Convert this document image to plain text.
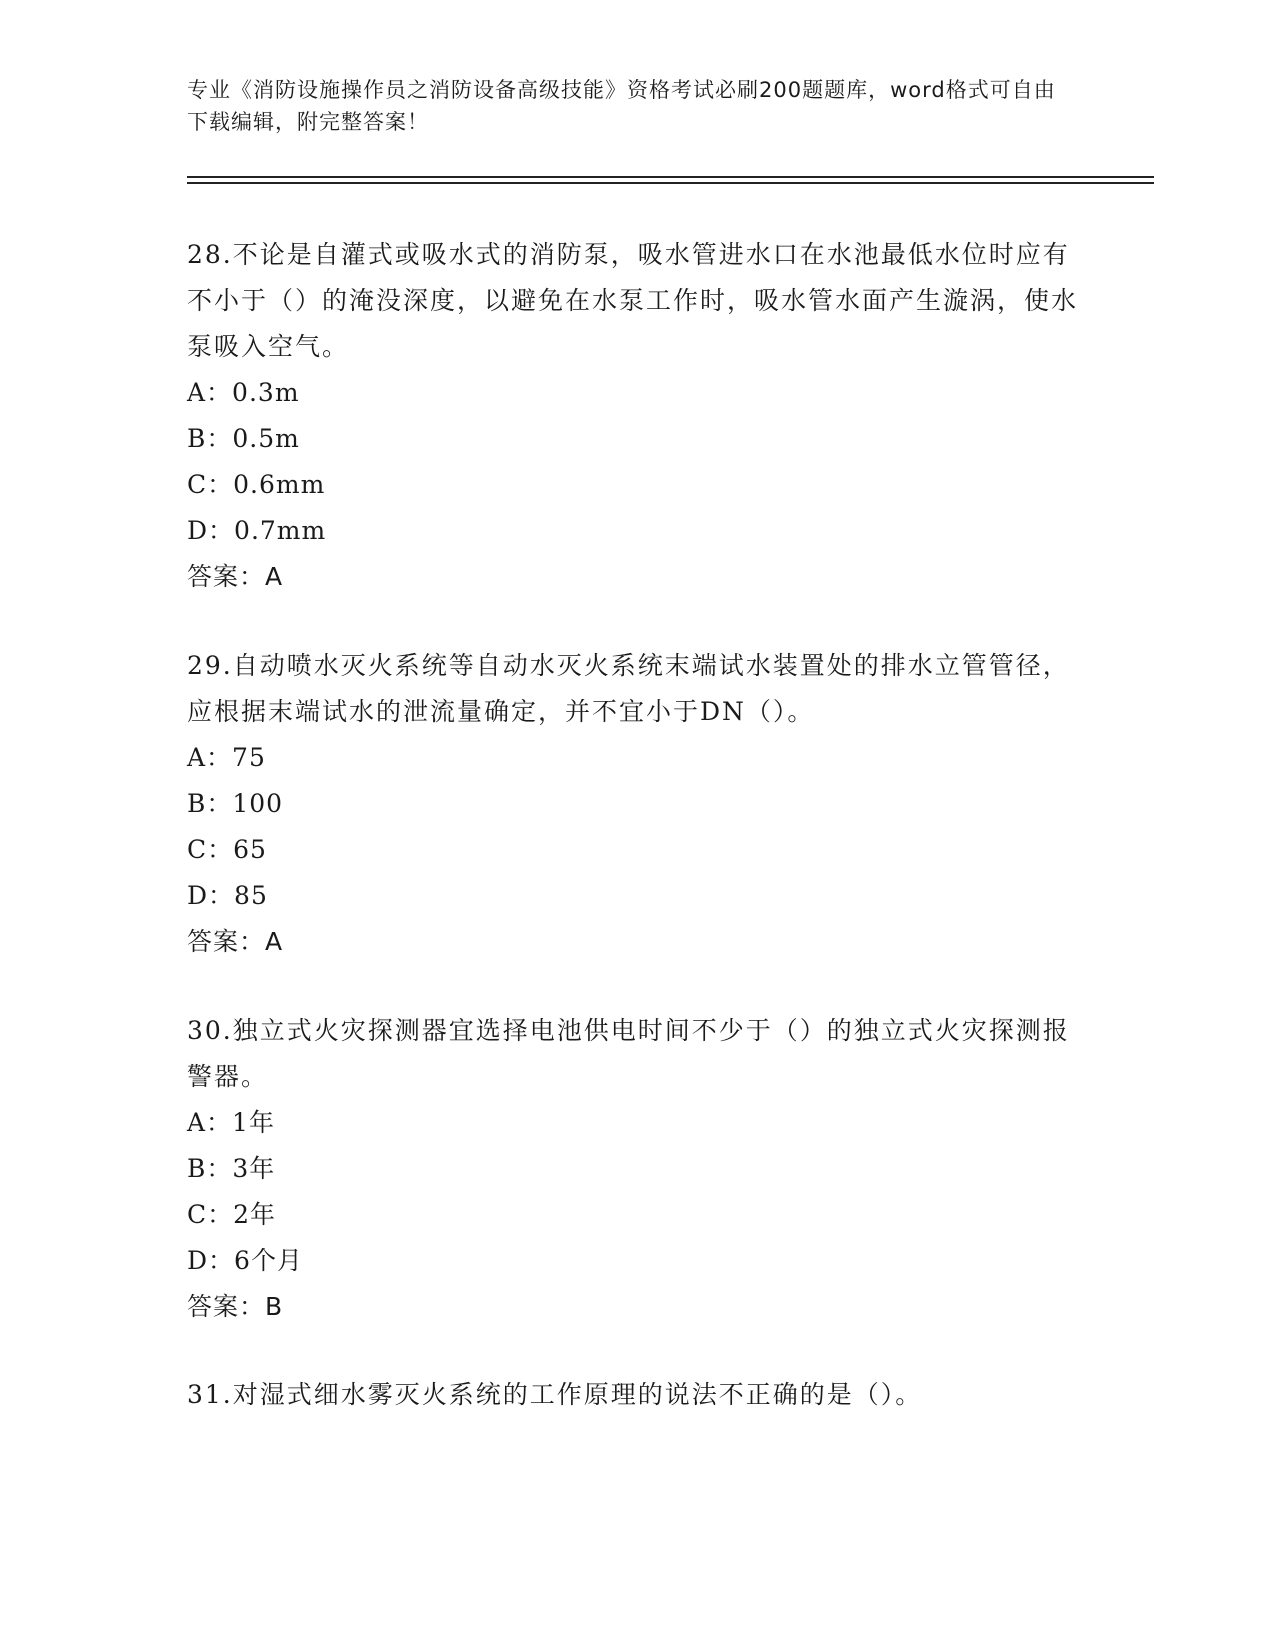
专业《消防设施操作员之消防设备高级技能》资格考试必刷200题题库，word格式可自由下载编辑，附完整答案！

28.不论是自灌式或吸水式的消防泵，吸水管进水口在水池最低水位时应有不小于（）的淹没深度，以避免在水泵工作时，吸水管水面产生漩涡，使水泵吸入空气。

A：0.3m

B：0.5m

C：0.6mm

D：0.7mm

答案：A

29.自动喷水灭火系统等自动水灭火系统末端试水装置处的排水立管管径，应根据末端试水的泄流量确定，并不宜小于DN（）。

A：75

B：100

C：65

D：85

答案：A

30.独立式火灾探测器宜选择电池供电时间不少于（）的独立式火灾探测报警器。

A：1年

B：3年

C：2年

D：6个月

答案：B

31.对湿式细水雾灭火系统的工作原理的说法不正确的是（）。
